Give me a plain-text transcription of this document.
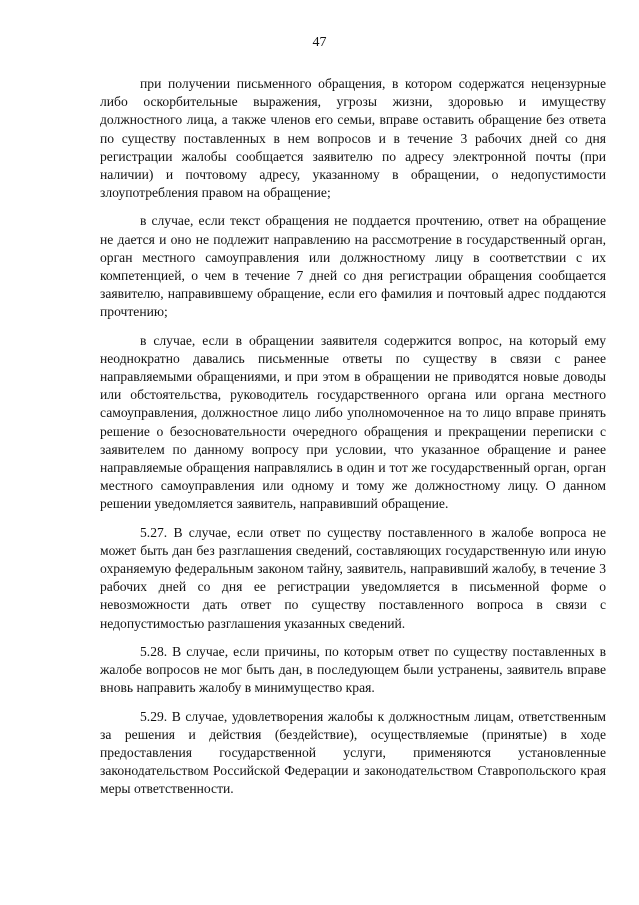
47

при получении письменного обращения, в котором содержатся нецензурные либо оскорбительные выражения, угрозы жизни, здоровью и имуществу должностного лица, а также членов его семьи, вправе оставить обращение без ответа по существу поставленных в нем вопросов и в течение 3 рабочих дней со дня регистрации жалобы сообщается заявителю по адресу электронной почты (при наличии) и почтовому адресу, указанному в обращении, о недопустимости злоупотребления правом на обращение;

в случае, если текст обращения не поддается прочтению, ответ на обращение не дается и оно не подлежит направлению на рассмотрение в государственный орган, орган местного самоуправления или должностному лицу в соответствии с их компетенцией, о чем в течение 7 дней со дня регистрации обращения сообщается заявителю, направившему обращение, если его фамилия и почтовый адрес поддаются прочтению;

в случае, если в обращении заявителя содержится вопрос, на который ему неоднократно давались письменные ответы по существу в связи с ранее направляемыми обращениями, и при этом в обращении не приводятся новые доводы или обстоятельства, руководитель государственного органа или органа местного самоуправления, должностное лицо либо уполномоченное на то лицо вправе принять решение о безосновательности очередного обращения и прекращении переписки с заявителем по данному вопросу при условии, что указанное обращение и ранее направляемые обращения направлялись в один и тот же государственный орган, орган местного самоуправления или одному и тому же должностному лицу. О данном решении уведомляется заявитель, направивший обращение.

5.27. В случае, если ответ по существу поставленного в жалобе вопроса не может быть дан без разглашения сведений, составляющих государственную или иную охраняемую федеральным законом тайну, заявитель, направивший жалобу, в течение 3 рабочих дней со дня ее регистрации уведомляется в письменной форме о невозможности дать ответ по существу поставленного вопроса в связи с недопустимостью разглашения указанных сведений.

5.28. В случае, если причины, по которым ответ по существу поставленных в жалобе вопросов не мог быть дан, в последующем были устранены, заявитель вправе вновь направить жалобу в минимущество края.

5.29. В случае, удовлетворения жалобы к должностным лицам, ответственным за решения и действия (бездействие), осуществляемые (принятые) в ходе предоставления государственной услуги, применяются установленные законодательством Российской Федерации и законодательством Ставропольского края меры ответственности.
